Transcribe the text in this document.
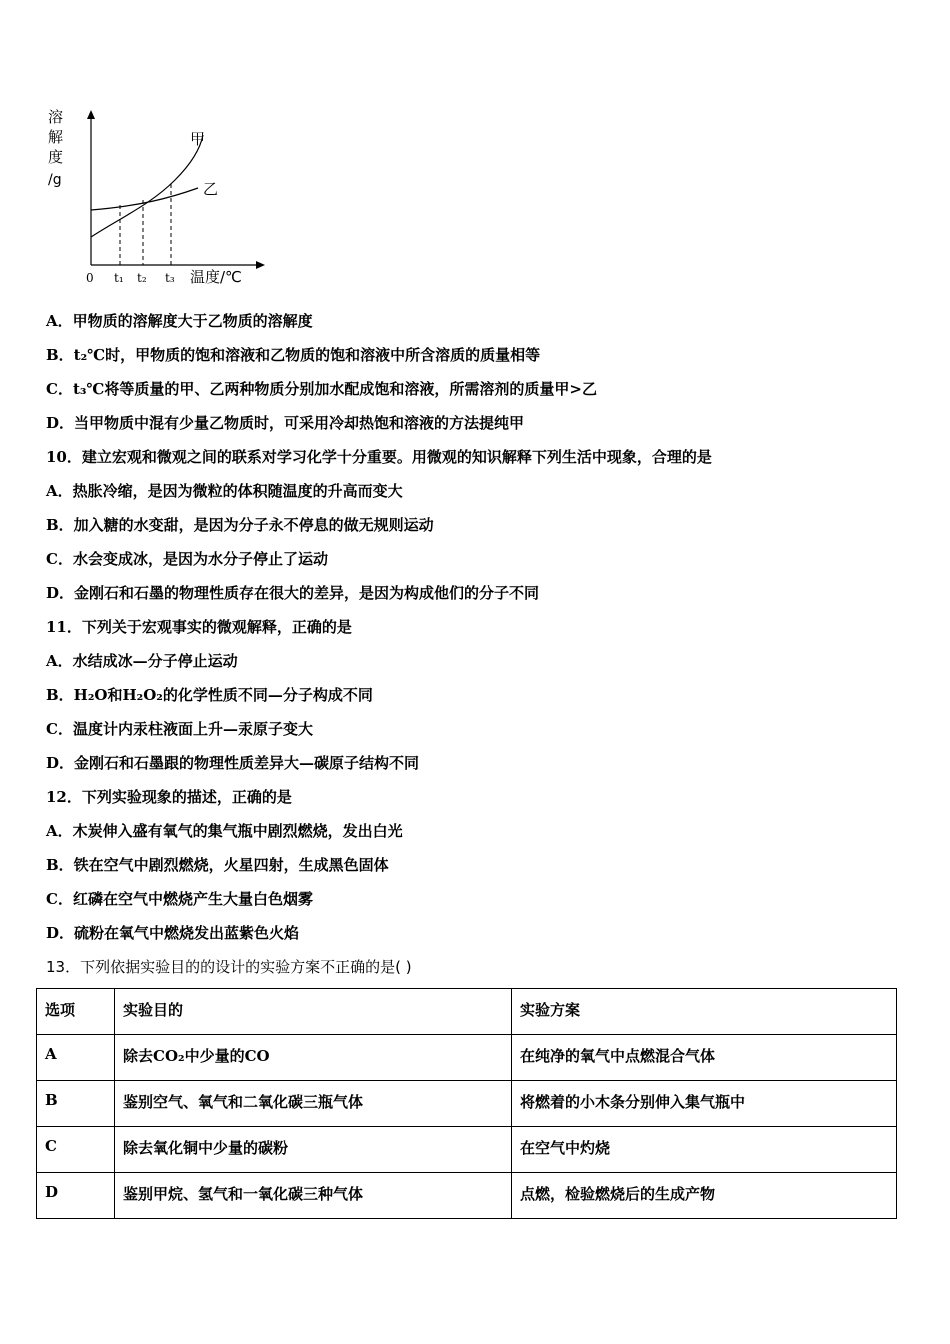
溶
解
度
/g
甲
乙
0 t₁ t₂ t₃ 温度/℃
A．甲物质的溶解度大于乙物质的溶解度
B．t₂℃时，甲物质的饱和溶液和乙物质的饱和溶液中所含溶质的质量相等
C．t₃℃将等质量的甲、乙两种物质分别加水配成饱和溶液，所需溶剂的质量甲>乙
D．当甲物质中混有少量乙物质时，可采用冷却热饱和溶液的方法提纯甲
10．建立宏观和微观之间的联系对学习化学十分重要。用微观的知识解释下列生活中现象，合理的是
A．热胀冷缩，是因为微粒的体积随温度的升高而变大
B．加入糖的水变甜，是因为分子永不停息的做无规则运动
C．水会变成冰，是因为水分子停止了运动
D．金刚石和石墨的物理性质存在很大的差异，是因为构成他们的分子不同
11．下列关于宏观事实的微观解释，正确的是
A．水结成冰—分子停止运动
B．H₂O和H₂O₂的化学性质不同—分子构成不同
C．温度计内汞柱液面上升—汞原子变大
D．金刚石和石墨跟的物理性质差异大—碳原子结构不同
12．下列实验现象的描述，正确的是
A．木炭伸入盛有氧气的集气瓶中剧烈燃烧，发出白光
B．铁在空气中剧烈燃烧，火星四射，生成黑色固体
C．红磷在空气中燃烧产生大量白色烟雾
D．硫粉在氧气中燃烧发出蓝紫色火焰
13．下列依据实验目的的设计的实验方案不正确的是( )
选项	实验目的	实验方案
A	除去CO₂中少量的CO	在纯净的氧气中点燃混合气体
B	鉴别空气、氧气和二氧化碳三瓶气体	将燃着的小木条分别伸入集气瓶中
C	除去氧化铜中少量的碳粉	在空气中灼烧
D	鉴别甲烷、氢气和一氧化碳三种气体	点燃，检验燃烧后的生成产物
